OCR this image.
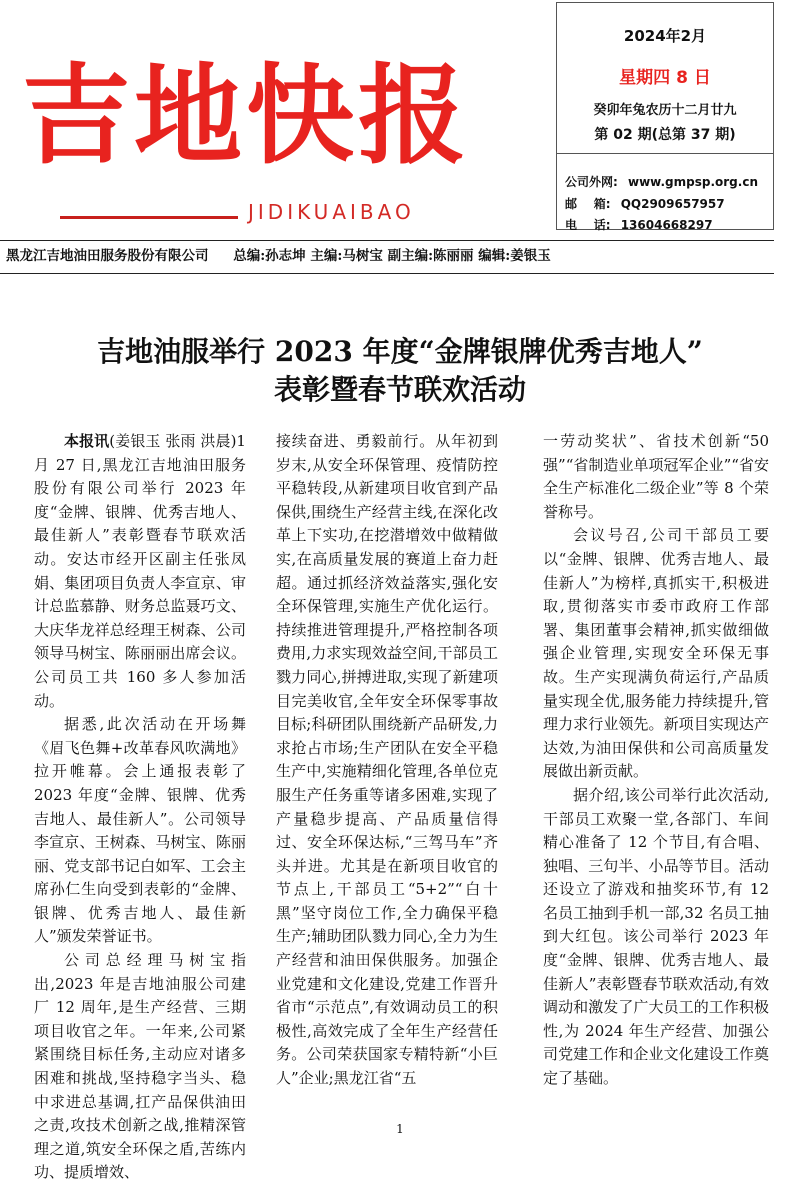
吉地快报
JIDIKUAIBAO
2024年2月
星期四 8 日
癸卯年兔农历十二月廿九
第 02 期(总第 37 期)
公司外网: www.gmpsp.org.cn
邮    箱: QQ2909657957
电    话: 13604668297
黑龙江吉地油田服务股份有限公司 总编:孙志坤 主编:马树宝 副主编:陈丽丽 编辑:姜银玉
吉地油服举行 2023 年度“金牌银牌优秀吉地人”
表彰暨春节联欢活动

本报讯(姜银玉 张雨 洪晨)1 月 27 日,黑龙江吉地油田服务股份有限公司举行 2023 年度“金牌、银牌、优秀吉地人、最佳新人”表彰暨春节联欢活动。安达市经开区副主任张凤娟、集团项目负责人李宣京、审计总监慕静、财务总监聂巧文、大庆华龙祥总经理王树森、公司领导马树宝、陈丽丽出席会议。公司员工共 160 多人参加活动。

据悉,此次活动在开场舞《眉飞色舞+改革春风吹满地》拉开帷幕。会上通报表彰了 2023 年度“金牌、银牌、优秀吉地人、最佳新人”。公司领导李宣京、王树森、马树宝、陈丽丽、党支部书记白如军、工会主席孙仁生向受到表彰的“金牌、银牌、优秀吉地人、最佳新人”颁发荣誉证书。

公司总经理马树宝指出,2023 年是吉地油服公司建厂 12 周年,是生产经营、三期项目收官之年。一年来,公司紧紧围绕目标任务,主动应对诸多困难和挑战,坚持稳字当头、稳中求进总基调,扛产品保供油田之责,攻技术创新之战,推精深管理之道,筑安全环保之盾,苦练内功、提质增效、

接续奋进、勇毅前行。从年初到岁末,从安全环保管理、疫情防控平稳转段,从新建项目收官到产品保供,围绕生产经营主线,在深化改革上下实功,在挖潜增效中做精做实,在高质量发展的赛道上奋力赶超。通过抓经济效益落实,强化安全环保管理,实施生产优化运行。持续推进管理提升,严格控制各项费用,力求实现效益空间,干部员工戮力同心,拼搏进取,实现了新建项目完美收官,全年安全环保零事故目标;科研团队围绕新产品研发,力求抢占市场;生产团队在安全平稳生产中,实施精细化管理,各单位克服生产任务重等诸多困难,实现了产量稳步提高、产品质量信得过、安全环保达标,“三驾马车”齐头并进。尤其是在新项目收官的节点上,干部员工“5+2”“白十黑”坚守岗位工作,全力确保平稳生产;辅助团队戮力同心,全力为生产经营和油田保供服务。加强企业党建和文化建设,党建工作晋升省市“示范点”,有效调动员工的积极性,高效完成了全年生产经营任务。公司荣获国家专精特新“小巨人”企业;黑龙江省“五

一劳动奖状”、省技术创新“50强”“省制造业单项冠军企业”“省安全生产标准化二级企业”等 8 个荣誉称号。

会议号召,公司干部员工要以“金牌、银牌、优秀吉地人、最佳新人”为榜样,真抓实干,积极进取,贯彻落实市委市政府工作部署、集团董事会精神,抓实做细做强企业管理,实现安全环保无事故。生产实现满负荷运行,产品质量实现全优,服务能力持续提升,管理力求行业领先。新项目实现达产达效,为油田保供和公司高质量发展做出新贡献。

据介绍,该公司举行此次活动,干部员工欢聚一堂,各部门、车间精心准备了 12 个节目,有合唱、独唱、三句半、小品等节目。活动还设立了游戏和抽奖环节,有 12 名员工抽到手机一部,32 名员工抽到大红包。该公司举行 2023 年度“金牌、银牌、优秀吉地人、最佳新人”表彰暨春节联欢活动,有效调动和激发了广大员工的工作积极性,为 2024 年生产经营、加强公司党建工作和企业文化建设工作奠定了基础。

1
